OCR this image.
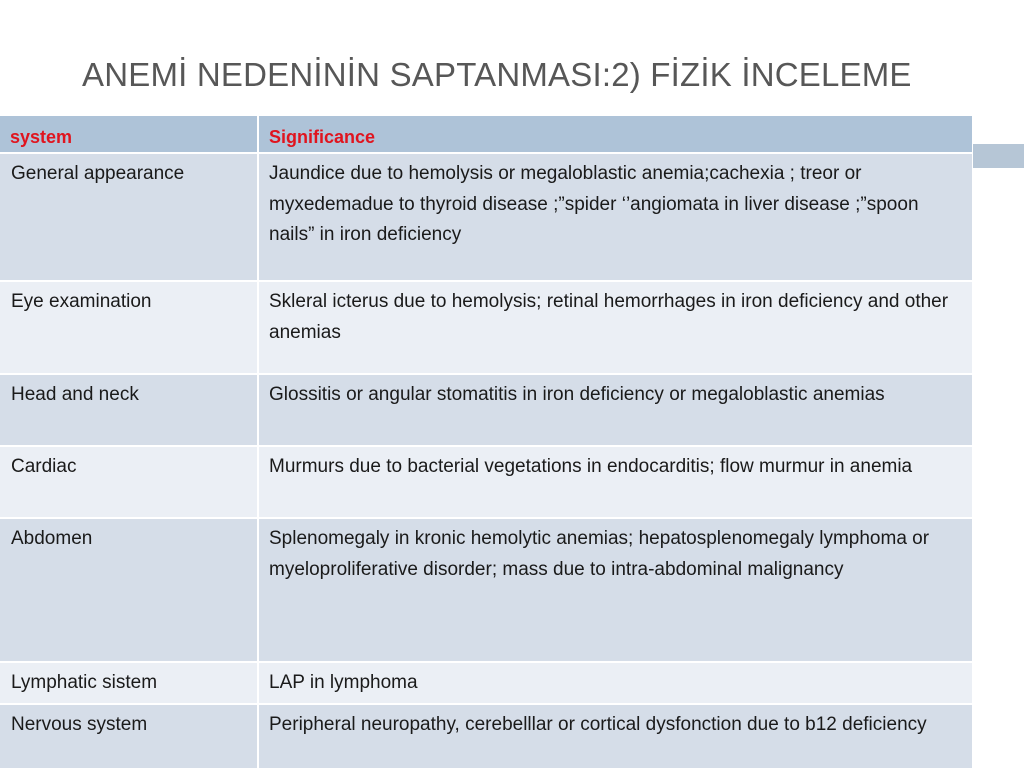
ANEMİ NEDENİNİN SAPTANMASI:2) FİZİK İNCELEME
system	Significance
General appearance	Jaundice due to hemolysis or megaloblastic anemia;cachexia ; treor or myxedemadue to thyroid disease ;”spider ‘’angiomata in liver disease ;”spoon nails” in iron deficiency
Eye examination	Skleral icterus due to hemolysis; retinal hemorrhages in iron deficiency and other anemias
Head and neck	Glossitis or angular stomatitis in iron deficiency or megaloblastic anemias
Cardiac	Murmurs due to bacterial vegetations in endocarditis; flow murmur in anemia
Abdomen	Splenomegaly in kronic hemolytic anemias; hepatosplenomegaly lymphoma or myeloproliferative disorder; mass due to intra-abdominal malignancy
Lymphatic sistem	LAP in lymphoma
Nervous system	Peripheral neuropathy, cerebelllar or cortical dysfonction due to b12 deficiency
